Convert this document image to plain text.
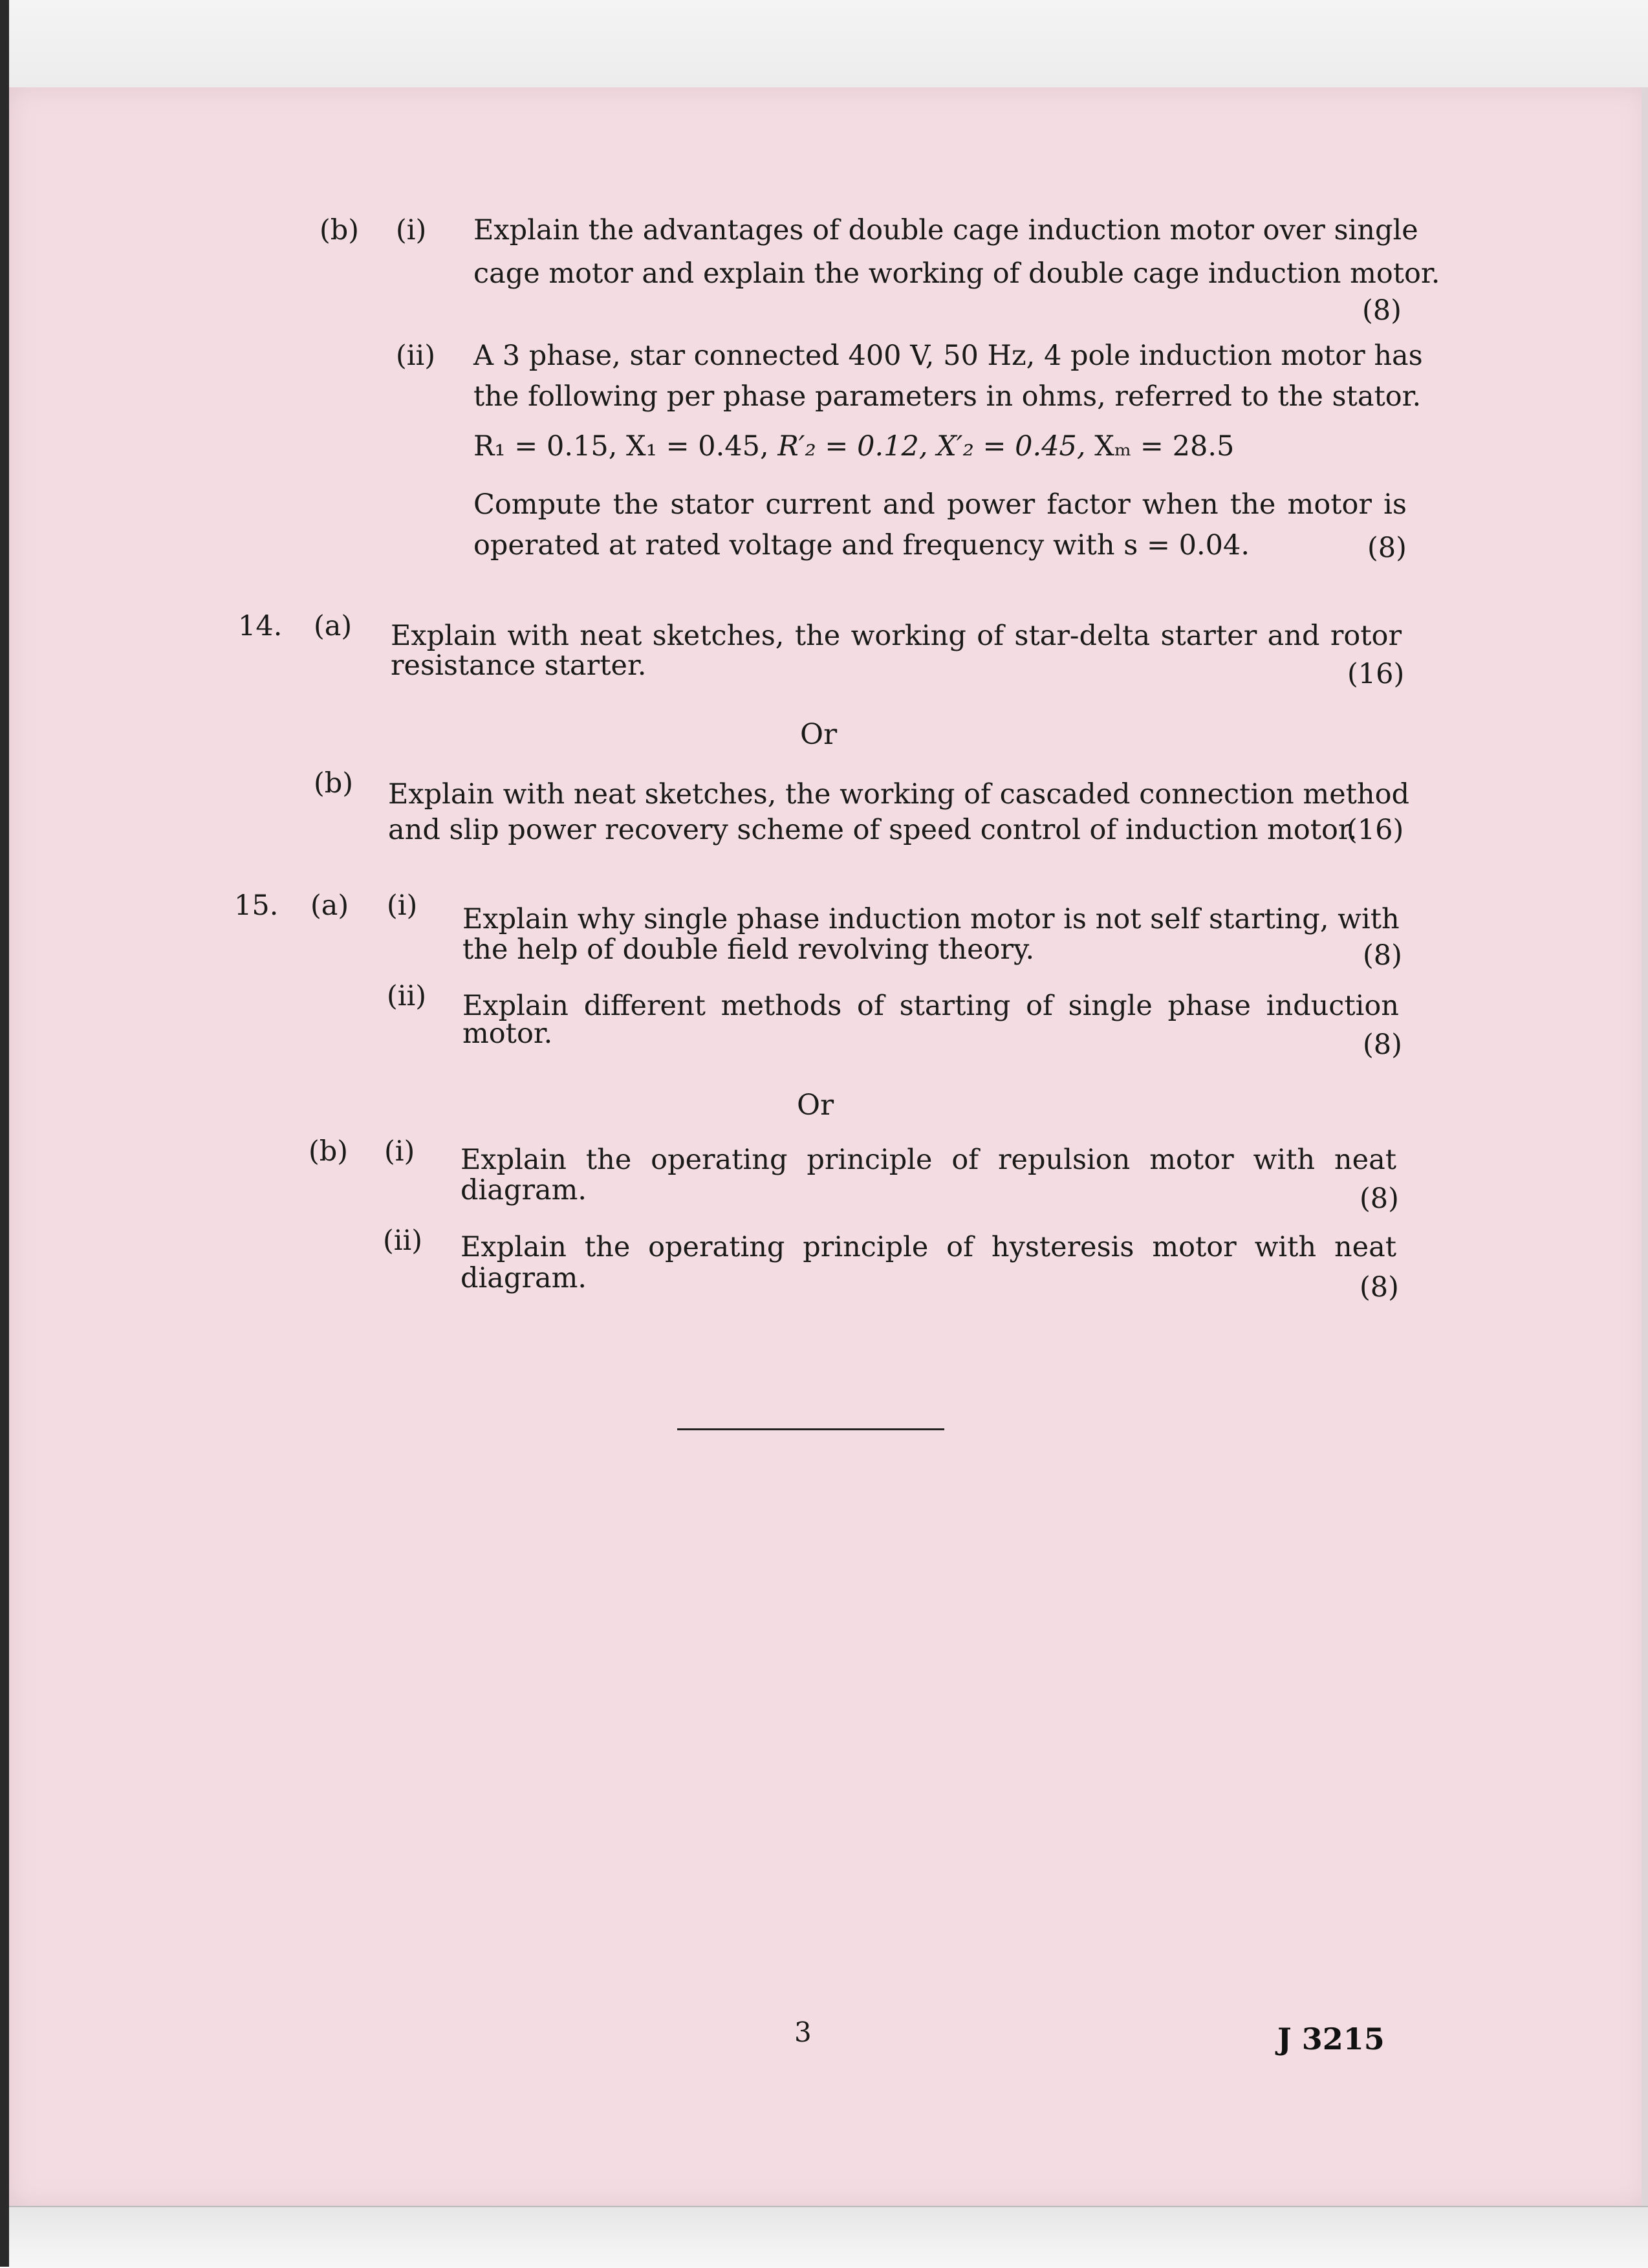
(b) (i) Explain the advantages of double cage induction motor over single
cage motor and explain the working of double cage induction motor.
(8)
(ii) A 3 phase, star connected 400 V, 50 Hz, 4 pole induction motor has
the following per phase parameters in ohms, referred to the stator.
R₁ = 0.15, X₁ = 0.45, R′₂ = 0.12, X′₂ = 0.45, Xₘ = 28.5
Compute the stator current and power factor when the motor is
operated at rated voltage and frequency with s = 0.04.	(8)
14. (a) Explain with neat sketches, the working of star-delta starter and rotor
resistance starter.	(16)
Or
(b) Explain with neat sketches, the working of cascaded connection method
and slip power recovery scheme of speed control of induction motor.
(16)
15. (a) (i) Explain why single phase induction motor is not self starting, with
the help of double field revolving theory.	(8)
(ii) Explain different methods of starting of single phase induction
motor.	(8)
Or
(b) (i) Explain the operating principle of repulsion motor with neat
diagram.	(8)
(ii) Explain the operating principle of hysteresis motor with neat
diagram.	(8)
3	J 3215
